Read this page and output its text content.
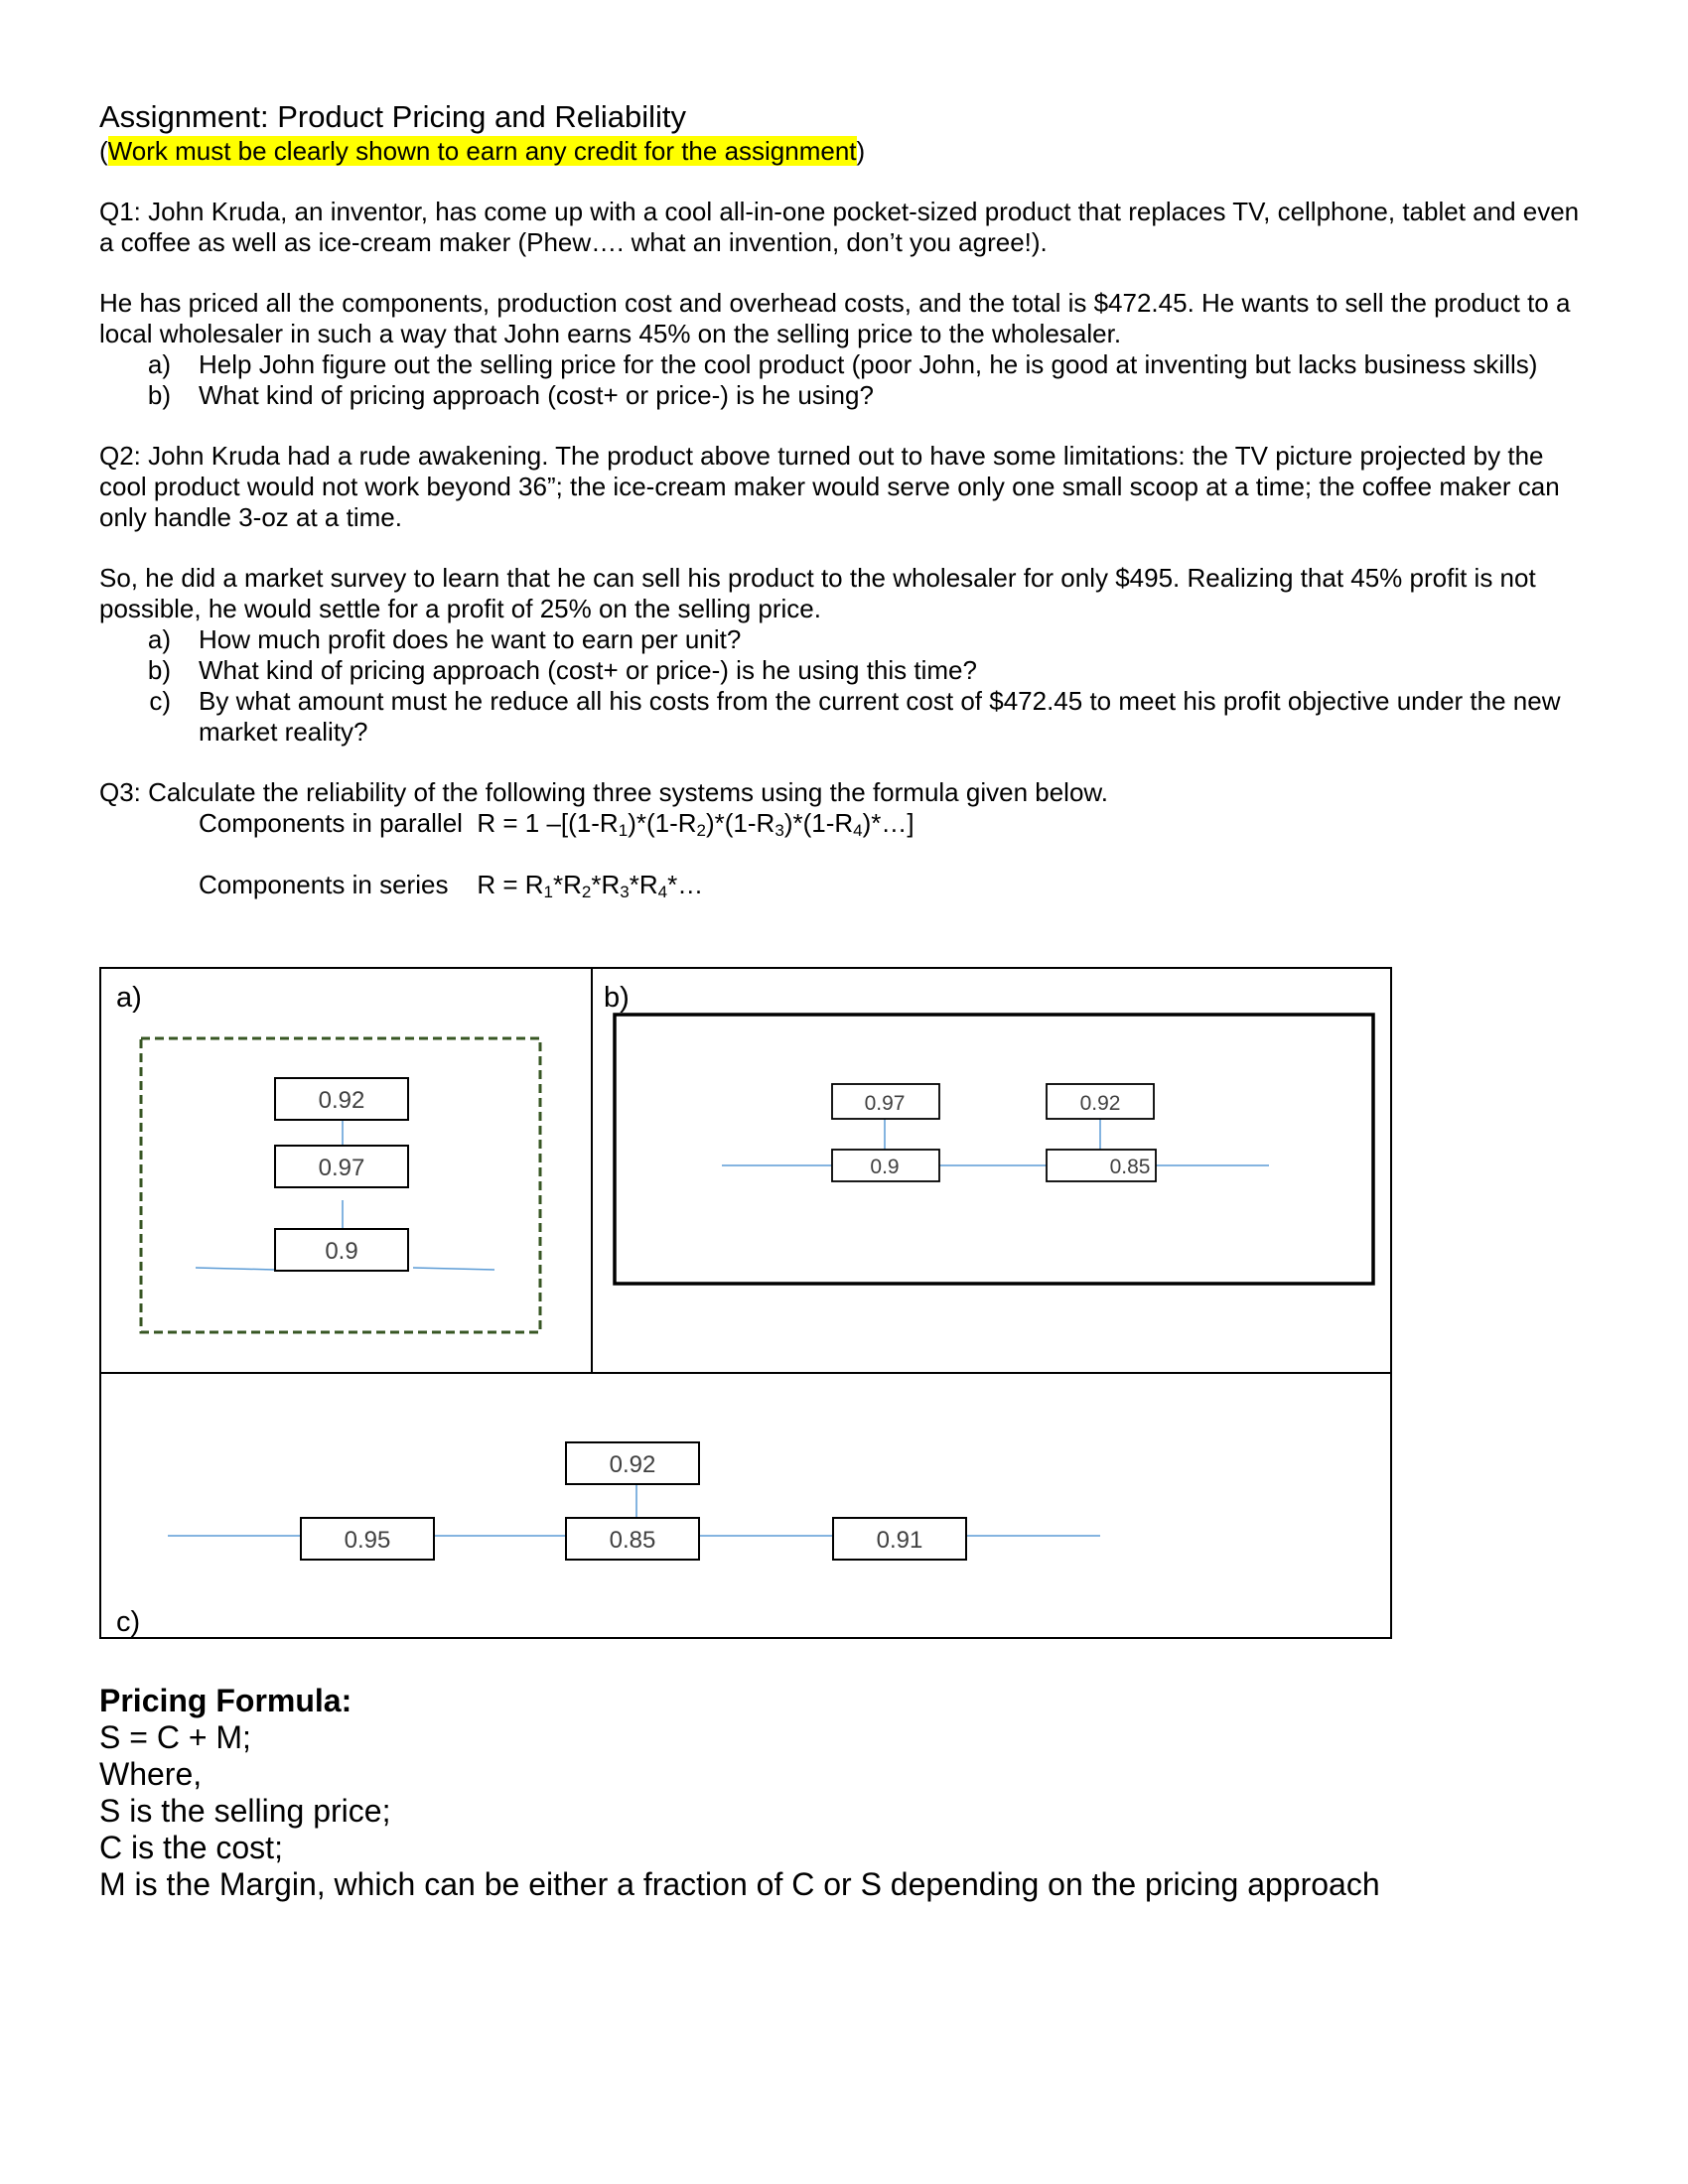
Assignment: Product Pricing and Reliability
(Work must be clearly shown to earn any credit for the assignment)

Q1: John Kruda, an inventor, has come up with a cool all-in-one pocket-sized product that replaces TV, cellphone, tablet and even a coffee as well as ice-cream maker (Phew…. what an invention, don’t you agree!).

He has priced all the components, production cost and overhead costs, and the total is $472.45. He wants to sell the product to a local wholesaler in such a way that John earns 45% on the selling price to the wholesaler.

a)	Help John figure out the selling price for the cool product (poor John, he is good at inventing but lacks business skills)
b)	What kind of pricing approach (cost+ or price-) is he using?

Q2: John Kruda had a rude awakening. The product above turned out to have some limitations: the TV picture projected by the cool product would not work beyond 36”; the ice-cream maker would serve only one small scoop at a time; the coffee maker can only handle 3-oz at a time.

So, he did a market survey to learn that he can sell his product to the wholesaler for only $495. Realizing that 45% profit is not possible, he would settle for a profit of 25% on the selling price.

a)	How much profit does he want to earn per unit?
b)	What kind of pricing approach (cost+ or price-) is he using this time?
c)	By what amount must he reduce all his costs from the current cost of $472.45 to meet his profit objective under the new market reality?

Q3: Calculate the reliability of the following three systems using the formula given below.

Components in parallel  R = 1 $-[(1-R_1)*(1-R_2)*(1-R_3)*(1-R_4)*\dots]$
Components in series    $R = R_1*R_2*R_3*R_4*\dots$
a)	b)
c)
0.92
0.97
0.9
0.97
0.9
0.92
0.85
0.92
0.95	0.85	0.91

Pricing Formula:

S = C + M;

Where,

S is the selling price;

C is the cost;

M is the Margin, which can be either a fraction of C or S depending on the pricing approach
